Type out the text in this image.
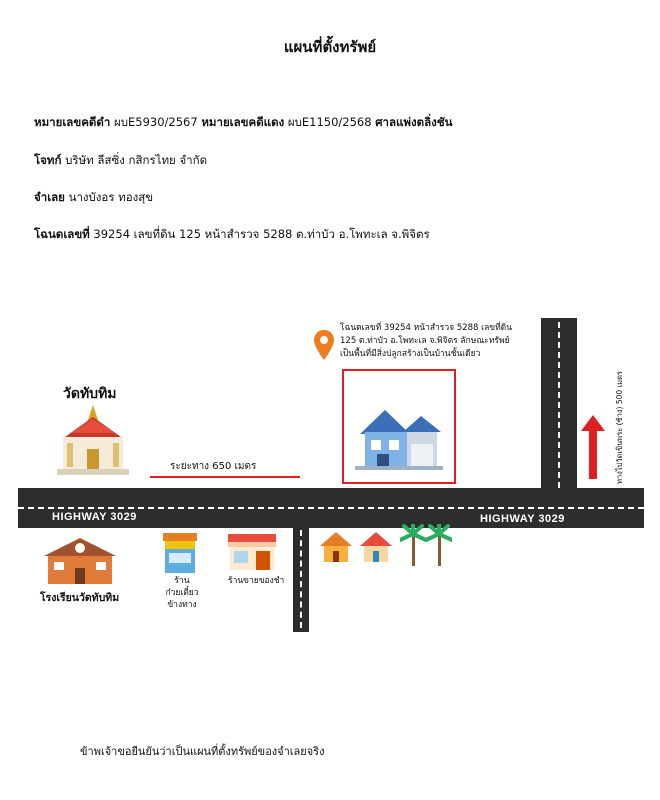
แผนที่ตั้งทรัพย์
หมายเลขคดีดำ ผบE5930/2567 หมายเลขคดีแดง ผบE1150/2568 ศาลแพ่งตลิ่งชัน
โจทก์ บริษัท ลีสซิ่ง กสิกรไทย จำกัด
จำเลย นางบังอร ทองสุข
โฉนดเลขที่ 39254 เลขที่ดิน 125 หน้าสำรวจ 5288 ต.ท่าบัว อ.โพทะเล จ.พิจิตร
HIGHWAY 3029	HIGHWAY 3029
โฉนดเลขที่ 39254 หน้าสำรวจ 5288 เลขที่ดิน
125 ต.ท่าบัว อ.โพทะเล จ.พิจิตร ลักษณะทรัพย์
เป็นพื้นที่มีสิ่งปลูกสร้างเป็นบ้านชั้นเดียว
วัดทับทิม
ระยะทาง 650 เมตร	ทางไปวัดเขินพระ (ซ้าง) 500 เมตร
โรงเรียนวัดทับทิม
ร้านก๋วยเตี๋ยว
ข้างทาง
ร้านขายของชำ
ข้าพเจ้าขอยืนยันว่าเป็นแผนที่ตั้งทรัพย์ของจำเลยจริง
